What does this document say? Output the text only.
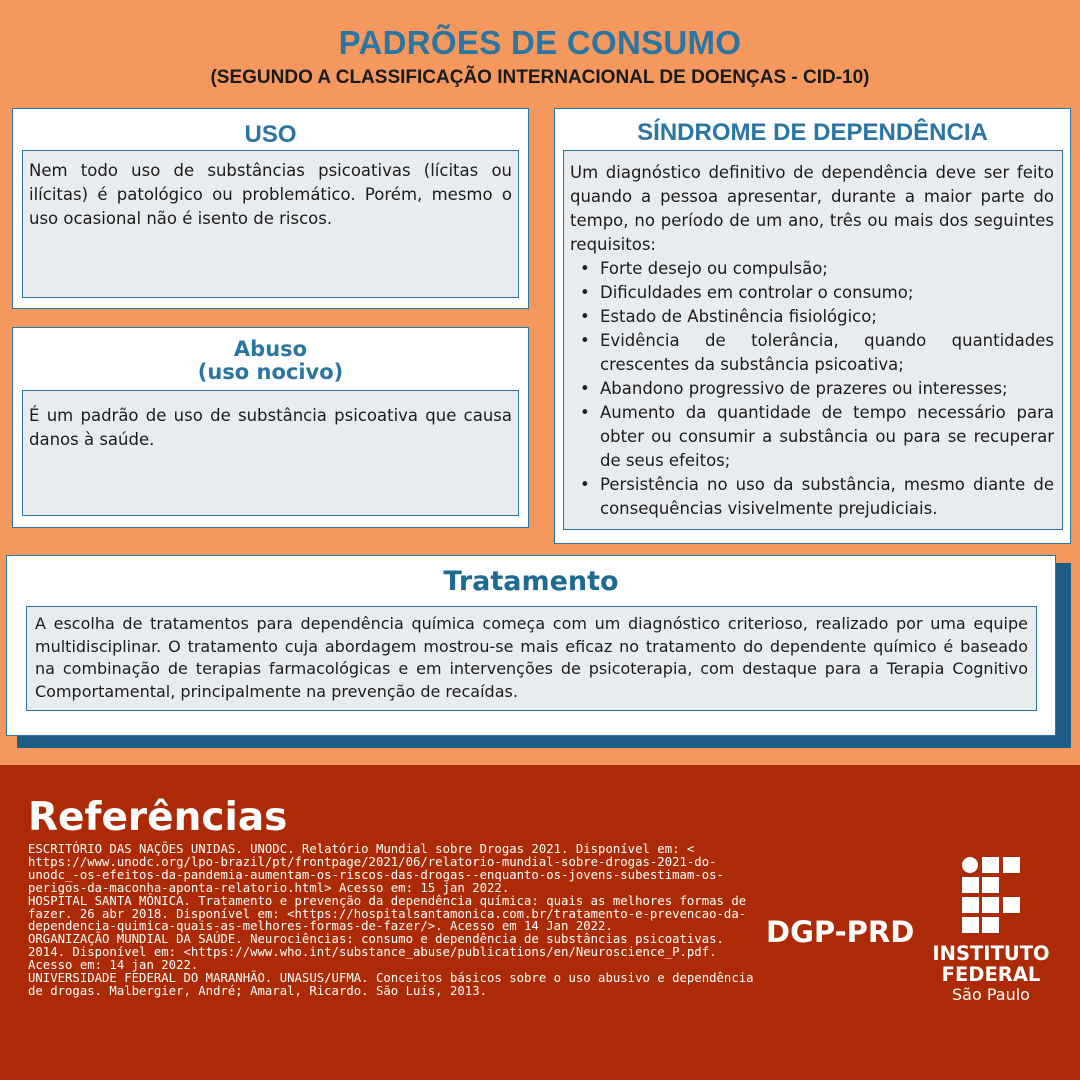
PADRÕES DE CONSUMO
(SEGUNDO A CLASSIFICAÇÃO INTERNACIONAL DE DOENÇAS - CID-10)
USO

Nem todo uso de substâncias psicoativas (lícitas ou ilícitas) é patológico ou problemático. Porém, mesmo o uso ocasional não é isento de riscos.

Abuso
(uso nocivo)

É um padrão de uso de substância psicoativa que causa danos à saúde.

SÍNDROME DE DEPENDÊNCIA

Um diagnóstico definitivo de dependência deve ser feito quando a pessoa apresentar, durante a maior parte do tempo, no período de um ano, três ou mais dos seguintes requisitos:

• Forte desejo ou compulsão;
• Dificuldades em controlar o consumo;
• Estado de Abstinência fisiológico;
• Evidência de tolerância, quando quantidades crescentes da substância psicoativa;
• Abandono progressivo de prazeres ou interesses;
• Aumento da quantidade de tempo necessário para obter ou consumir a substância ou para se recuperar de seus efeitos;
• Persistência no uso da substância, mesmo diante de consequências visivelmente prejudiciais.
Tratamento

A escolha de tratamentos para dependência química começa com um diagnóstico criterioso, realizado por uma equipe multidisciplinar. O tratamento cuja abordagem mostrou-se mais eficaz no tratamento do dependente químico é baseado na combinação de terapias farmacológicas e em intervenções de psicoterapia, com destaque para a Terapia Cognitivo Comportamental, principalmente na prevenção de recaídas.

Referências
ESCRITÓRIO DAS NAÇÕES UNIDAS. UNODC. Relatório Mundial sobre Drogas 2021. Disponível em: < https://www.unodc.org/lpo-brazil/pt/frontpage/2021/06/relatorio-mundial-sobre-drogas-2021-do-unodc_-os-efeitos-da-pandemia-aumentam-os-riscos-das-drogas--enquanto-os-jovens-subestimam-os-perigos-da-maconha-aponta-relatorio.html> Acesso em: 15 jan 2022.
HOSPITAL SANTA MÔNICA. Tratamento e prevenção da dependência química: quais as melhores formas de fazer. 26 abr 2018. Disponível em: <https://hospitalsantamonica.com.br/tratamento-e-prevencao-da-dependencia-quimica-quais-as-melhores-formas-de-fazer/>. Acesso em 14 Jan 2022.
ORGANIZAÇÃO MUNDIAL DA SAÚDE. Neurociências: consumo e dependência de substâncias psicoativas. 2014. Disponível em: <https://www.who.int/substance_abuse/publications/en/Neuroscience_P.pdf. Acesso em: 14 jan 2022.
UNIVERSIDADE FEDERAL DO MARANHÃO. UNASUS/UFMA. Conceitos básicos sobre o uso abusivo e dependência de drogas. Malbergier, André; Amaral, Ricardo. São Luís, 2013.
DGP-PRD
INSTITUTO
FEDERAL
São Paulo
